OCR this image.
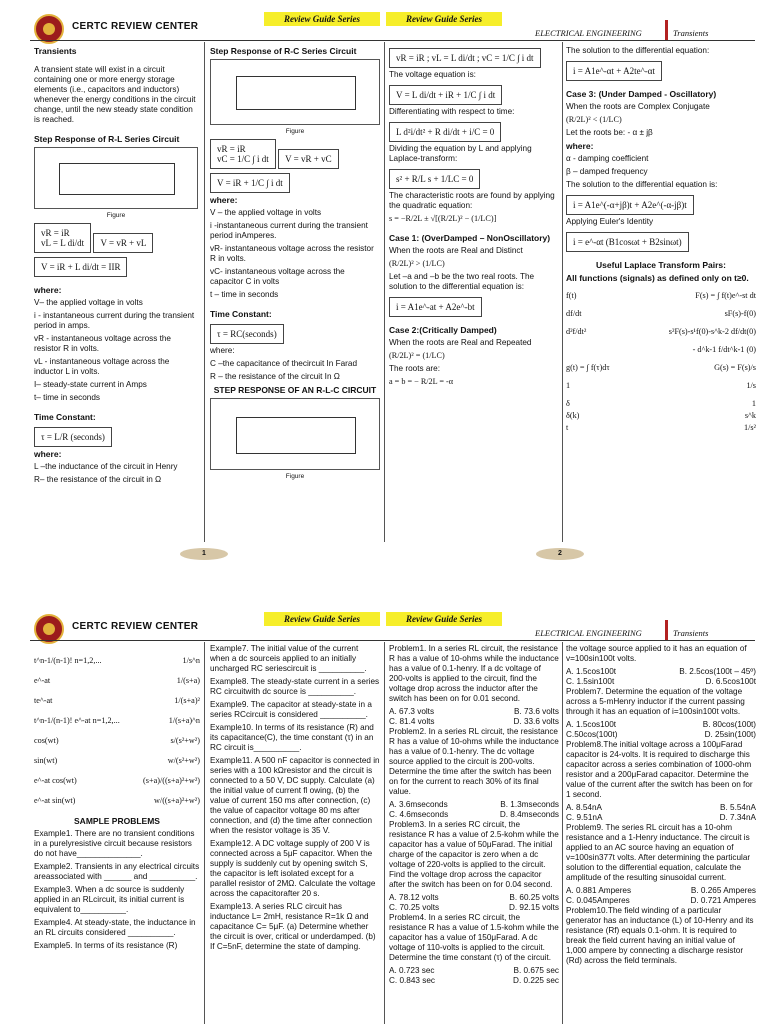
CERTC REVIEW CENTER
Review Guide Series	Review Guide Series
ELECTRICAL ENGINEERING	Transients
Transients

A transient state will exist in a circuit containing one or more energy storage elements (i.e., capacitors and inductors) whenever the energy conditions in the circuit change, until the new steady state condition is reached.

Step Response of R-L Series Circuit
Figure
vR = iR
vL = L di/dt V = vR + vL V = iR + L di/dt = IIR

where:

V– the applied voltage in volts

i - instantaneous current during the transient period in amps.

vR - instantaneous voltage across the resistor R in volts.

vL - instantaneous voltage across the inductor L in volts.

I– steady-state current in Amps

t– time in seconds

Time Constant:
τ = L/R (seconds)

where:

L –the inductance of the circuit in Henry

R– the resistance of the circuit in Ω

Step Response of R-C Series Circuit
Figure
vR = iR
vC = 1/C ∫ i dt V = vR + vC V = iR + 1/C ∫ i dt

where:

V – the applied voltage in volts

i -instantaneous current during the transient period inAmperes.

vR- instantaneous voltage across the resistor R in volts.

vC- instantaneous voltage across the capacitor C in volts

t – time in seconds

Time Constant:
τ = RC(seconds)

where:

C –the capacitance of thecircuit In Farad

R – the resistance of the circuit In Ω

STEP RESPONSE OF AN R-L-C CIRCUIT
Figure
vR = iR ; vL = L di/dt ; vC = 1/C ∫ i dt

The voltage equation is:

V = L di/dt + iR + 1/C ∫ i dt

Differentiating with respect to time:

L d²i/dt² + R di/dt + i/C = 0

Dividing the equation by L and applying Laplace-transform:

s² + R/L s + 1/LC = 0

The characteristic roots are found by applying the quadratic equation:

s = −R/2L ± √[(R/2L)² − (1/LC)]

Case 1: (OverDamped – NonOscillatory)

When the roots are Real and Distinct

(R/2L)² > (1/LC)

Let –a and –b be the two real roots. The solution to the differential equation is:

i = A1e^-at + A2e^-bt
Case 2:(Critically Damped)

When the roots are Real and Repeated

(R/2L)² = (1/LC)

The roots are:

a = b = − R/2L = -α

The solution to the differential equation:

i = A1e^-αt + A2te^-αt
Case 3: (Under Damped - Oscillatory)

When the roots are Complex Conjugate

(R/2L)² < (1/LC)

Let the roots be: - α ± jβ

where:

α - damping coefficient

β – damped frequency

The solution to the differential equation is:

i = A1e^(-α+jβ)t + A2e^(-α-jβ)t

Applying Euler's Identity

i = e^-αt (B1cosωt + B2sinωt)
Useful Laplace Transform Pairs:

All functions (signals) as defined only on t≥0.

f(t)	F(s) = ∫ f(t)e^-st dt
df/dt	sF(s)-f(0)
d²f/dt²	s²F(s)-s¹f(0)-s^k-2 df/dt(0)
- d^k-1 f/dt^k-1 (0)
g(t) = ∫ f(τ)dτ	G(s) = F(s)/s
1	1/s
δ	1
δ(k)	s^k
t	1/s²
1	2
CERTC REVIEW CENTER
Review Guide Series	Review Guide Series
ELECTRICAL ENGINEERING	Transients
t^n-1/(n-1)! n=1,2,...	1/s^n
e^-at	1/(s+a)
te^-at	1/(s+a)²
t^n-1/(n-1)! e^-at n=1,2,...	1/(s+a)^n
cos(wt)	s/(s²+w²)
sin(wt)	w/(s²+w²)
e^-at cos(wt)	(s+a)/((s+a)²+w²)
e^-at sin(wt)	w/((s+a)²+w²)
SAMPLE PROBLEMS

Example1. There are no transient conditions in a purelyresistive circuit because resistors do not have______________.

Example2. Transients in any electrical circuits areassociated with ______ and __________.

Example3. When a dc source is suddenly applied in an RLcircuit, its initial current is equivalent to__________.

Example4. At steady-state, the inductance in an RL circuits considered __________.

Example5. In terms of its resistance (R)

Example7. The initial value of the current when a dc sourceis applied to an initially uncharged RC seriescircuit is __________.

Example8. The steady-state current in a series RC circuitwith dc source is __________.

Example9. The capacitor at steady-state in a series RCcircuit is considered __________.

Example10. In terms of its resistance (R) and its capacitance(C), the time constant (τ) in an RC circuit is__________.

Example11. A 500 nF capacitor is connected in series with a 100 kΩresistor and the circuit is connected to a 50 V, DC supply. Calculate (a) the initial value of current fl owing, (b) the value of current 150 ms after connection, (c) the value of capacitor voltage 80 ms after connection, and (d) the time after connection when the resistor voltage is 35 V.

Example12. A DC voltage supply of 200 V is connected across a 5μF capacitor. When the supply is suddenly cut by opening switch S, the capacitor is left isolated except for a parallel resistor of 2MΩ. Calculate the voltage across the capacitorafter 20 s.

Example13. A series RLC circuit has inductance L= 2mH, resistance R=1k Ω and capacitance C= 5μF. (a) Determine whether the circuit is over, critical or underdamped. (b) If C=5nF, determine the state of damping.

Problem1. In a series RL circuit, the resistance R has a value of 10-ohms while the inductance has a value of 0.1-henry. If a dc voltage of 200-volts is applied to the circuit, find the voltage drop across the inductor after the switch has been on for 0.01 second.

A. 67.3 volts	B. 73.6 volts
C. 81.4 volts	D. 33.6 volts

Problem2. In a series RL circuit, the resistance R has a value of 10-ohms while the inductance has a value of 0.1-henry. The dc voltage source applied to the circuit is 200-volts. Determine the time after the switch has been on for the current to reach 30% of its final value.

A. 3.6mseconds	B. 1.3mseconds
C. 4.6mseconds	D. 8.4mseconds

Problem3. In a series RC circuit, the resistance R has a value of 2.5-kohm while the capacitor has a value of 50μFarad. The initial charge of the capacitor is zero when a dc voltage of 220-volts is applied to the circuit. Find the voltage drop across the capacitor after the switch has been on for 0.04 second.

A. 78.12 volts	B. 60.25 volts
C. 70.25 volts	D. 92.15 volts

Problem4. In a series RC circuit, the resistance R has a value of 1.5-kohm while the capacitor has a value of 150μFarad. A dc voltage of 110-volts is applied to the circuit. Determine the time constant (τ) of the circuit.

A. 0.723 sec	B. 0.675 sec
C. 0.843 sec	D. 0.225 sec

the voltage source applied to it has an equation of v=100sin100t volts.

A. 1.5cos100t	B. 2.5cos(100t – 45º)
C. 1.5sin100t	D. 6.5cos100t

Problem7. Determine the equation of the voltage across a 5-mHenry inductor if the current passing through it has an equation of i=100sin100t volts.

A. 1.5cos100t	B. 80cos(100t)
C.50cos(100t)	D. 25sin(100t)

Problem8.The initial voltage across a 100μFarad capacitor is 24-volts. It is required to discharge this capacitor across a series combination of 1000-ohm resistor and a 200μFarad capacitor. Determine the value of the current after the switch has been on for 1 second.

A. 8.54nA	B. 5.54nA
C. 9.51nA	D. 7.34nA

Problem9. The series RL circuit has a 10-ohm resistance and a 1-Henry inductance. The circuit is applied to an AC source having an equation of v=100sin377t volts. After determining the particular solution to the differential equation, calculate the amplitude of the resulting sinusoidal current.

A. 0.881 Amperes	B. 0.265 Amperes
C. 0.045Amperes	D. 0.721 Amperes

Problem10.The field winding of a particular generator has an inductance (L) of 10-Henry and its resistance (Rf) equals 0.1-ohm. It is required to break the field current having an initial value of 1,000 ampere by connecting a discharge resistor (Rd) across the field terminals.
